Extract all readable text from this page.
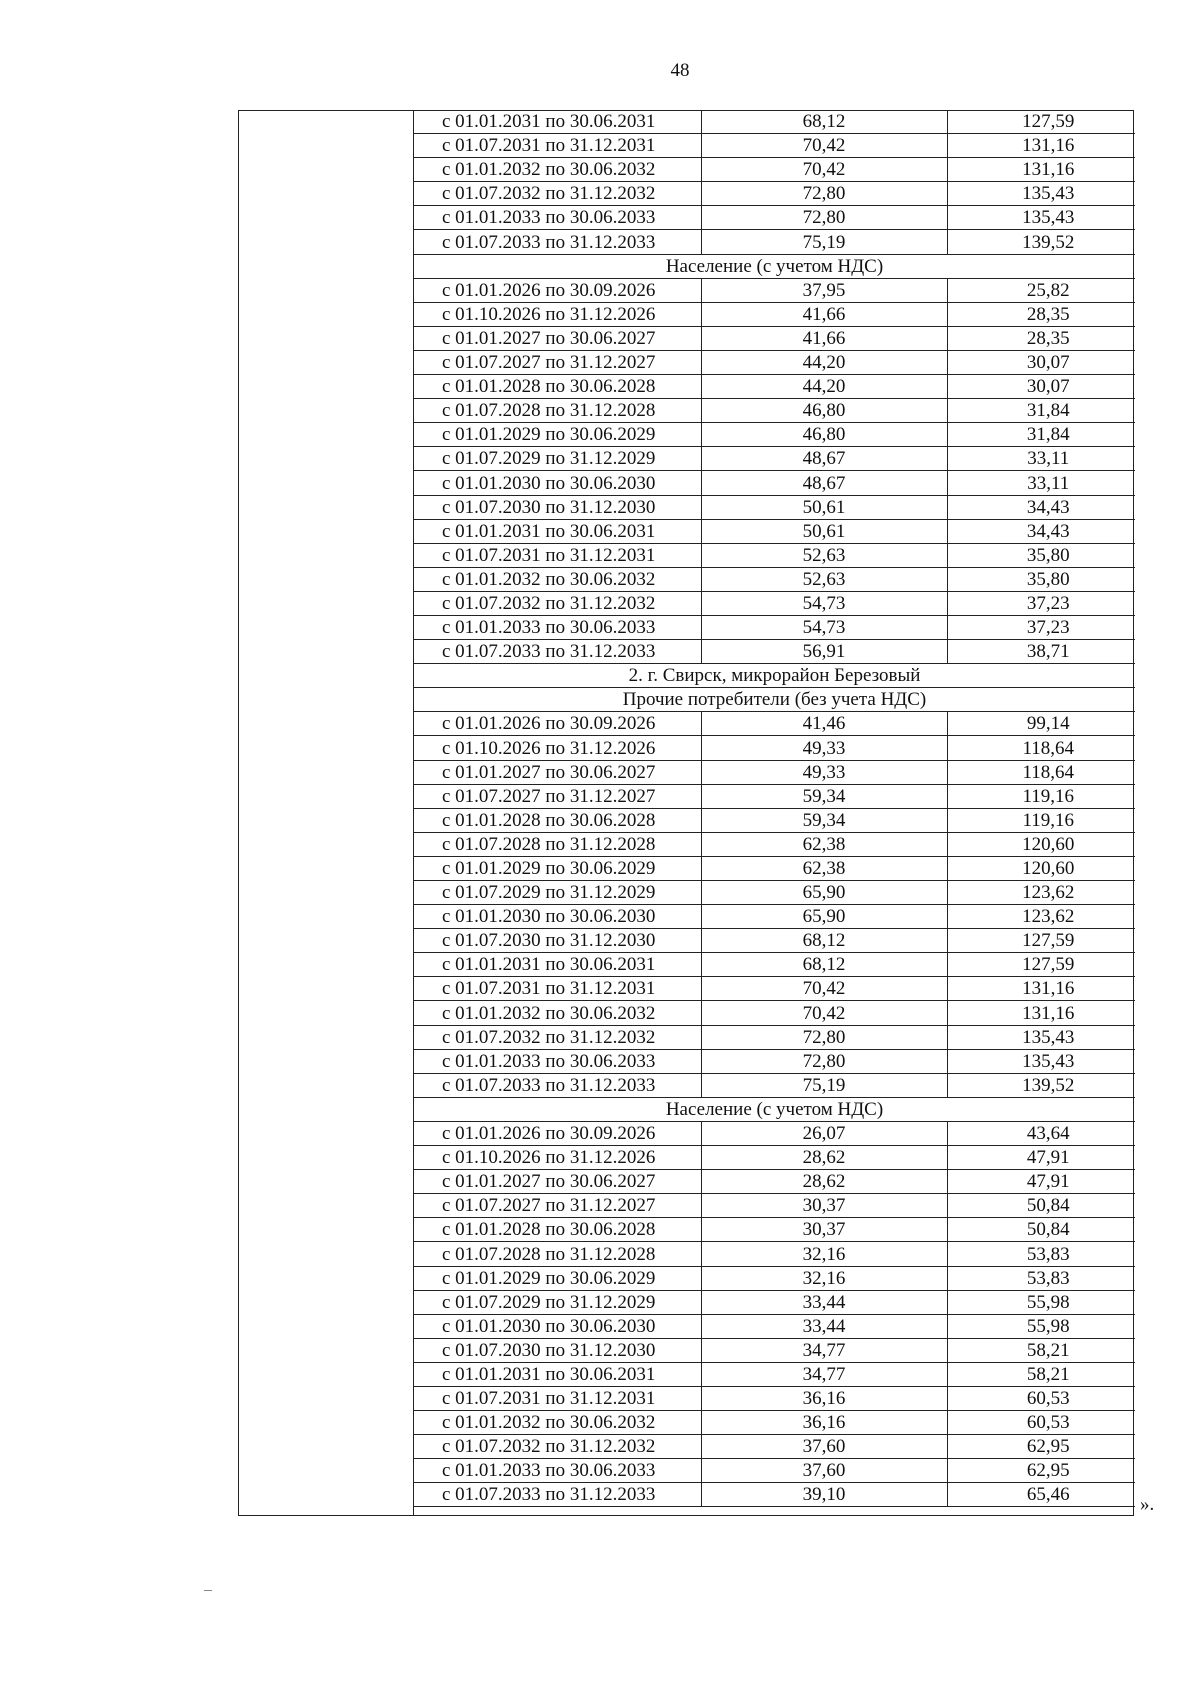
48
с 01.01.2031 по 30.06.2031	68,12	127,59
с 01.07.2031 по 31.12.2031	70,42	131,16
с 01.01.2032 по 30.06.2032	70,42	131,16
с 01.07.2032 по 31.12.2032	72,80	135,43
с 01.01.2033 по 30.06.2033	72,80	135,43
с 01.07.2033 по 31.12.2033	75,19	139,52
Население (с учетом НДС)		
с 01.01.2026 по 30.09.2026	37,95	25,82
с 01.10.2026 по 31.12.2026	41,66	28,35
с 01.01.2027 по 30.06.2027	41,66	28,35
с 01.07.2027 по 31.12.2027	44,20	30,07
с 01.01.2028 по 30.06.2028	44,20	30,07
с 01.07.2028 по 31.12.2028	46,80	31,84
с 01.01.2029 по 30.06.2029	46,80	31,84
с 01.07.2029 по 31.12.2029	48,67	33,11
с 01.01.2030 по 30.06.2030	48,67	33,11
с 01.07.2030 по 31.12.2030	50,61	34,43
с 01.01.2031 по 30.06.2031	50,61	34,43
с 01.07.2031 по 31.12.2031	52,63	35,80
с 01.01.2032 по 30.06.2032	52,63	35,80
с 01.07.2032 по 31.12.2032	54,73	37,23
с 01.01.2033 по 30.06.2033	54,73	37,23
с 01.07.2033 по 31.12.2033	56,91	38,71
2. г. Свирск, микрорайон Березовый		
Прочие потребители (без учета НДС)		
с 01.01.2026 по 30.09.2026	41,46	99,14
с 01.10.2026 по 31.12.2026	49,33	118,64
с 01.01.2027 по 30.06.2027	49,33	118,64
с 01.07.2027 по 31.12.2027	59,34	119,16
с 01.01.2028 по 30.06.2028	59,34	119,16
с 01.07.2028 по 31.12.2028	62,38	120,60
с 01.01.2029 по 30.06.2029	62,38	120,60
с 01.07.2029 по 31.12.2029	65,90	123,62
с 01.01.2030 по 30.06.2030	65,90	123,62
с 01.07.2030 по 31.12.2030	68,12	127,59
с 01.01.2031 по 30.06.2031	68,12	127,59
с 01.07.2031 по 31.12.2031	70,42	131,16
с 01.01.2032 по 30.06.2032	70,42	131,16
с 01.07.2032 по 31.12.2032	72,80	135,43
с 01.01.2033 по 30.06.2033	72,80	135,43
с 01.07.2033 по 31.12.2033	75,19	139,52
Население (с учетом НДС)		
с 01.01.2026 по 30.09.2026	26,07	43,64
с 01.10.2026 по 31.12.2026	28,62	47,91
с 01.01.2027 по 30.06.2027	28,62	47,91
с 01.07.2027 по 31.12.2027	30,37	50,84
с 01.01.2028 по 30.06.2028	30,37	50,84
с 01.07.2028 по 31.12.2028	32,16	53,83
с 01.01.2029 по 30.06.2029	32,16	53,83
с 01.07.2029 по 31.12.2029	33,44	55,98
с 01.01.2030 по 30.06.2030	33,44	55,98
с 01.07.2030 по 31.12.2030	34,77	58,21
с 01.01.2031 по 30.06.2031	34,77	58,21
с 01.07.2031 по 31.12.2031	36,16	60,53
с 01.01.2032 по 30.06.2032	36,16	60,53
с 01.07.2032 по 31.12.2032	37,60	62,95
с 01.01.2033 по 30.06.2033	37,60	62,95
с 01.07.2033 по 31.12.2033	39,10	65,46	».
